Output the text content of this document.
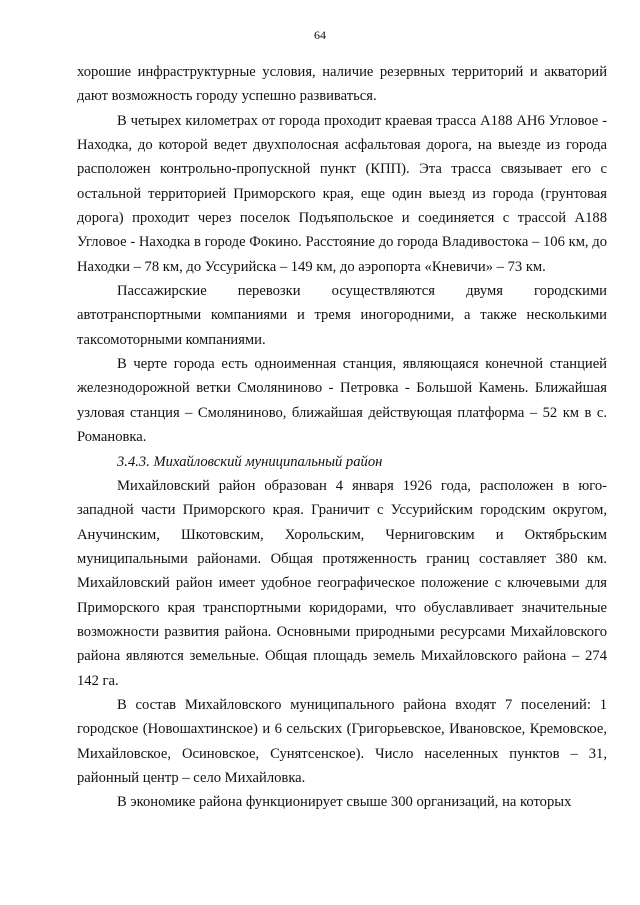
64

хорошие инфраструктурные условия, наличие резервных территорий и акваторий дают возможность городу успешно развиваться.

В четырех километрах от города проходит краевая трасса А188 АН6 Угловое - Находка, до которой ведет двухполосная асфальтовая дорога, на выезде из города расположен контрольно-пропускной пункт (КПП). Эта трасса связывает его с остальной территорией Приморского края, еще один выезд из города (грунтовая дорога) проходит через поселок Подъяпольское и соединяется с трассой А188 Угловое - Находка в городе Фокино. Расстояние до города Владивостока – 106 км, до Находки – 78 км, до Уссурийска – 149 км, до аэропорта «Кневичи» – 73 км.

Пассажирские перевозки осуществляются двумя городскими автотранспортными компаниями и тремя иногородними, а также несколькими таксомоторными компаниями.

В черте города есть одноименная станция, являющаяся конечной станцией железнодорожной ветки Смоляниново - Петровка - Большой Камень. Ближайшая узловая станция – Смоляниново, ближайшая действующая платформа – 52 км в с. Романовка.

3.4.3. Михайловский муниципальный район

Михайловский район образован 4 января 1926 года, расположен в юго-западной части Приморского края. Граничит с Уссурийским городским округом, Анучинским, Шкотовским, Хорольским, Черниговским и Октябрьским муниципальными районами. Общая протяженность границ составляет 380 км. Михайловский район имеет удобное географическое положение с ключевыми для Приморского края транспортными коридорами, что обуславливает значительные возможности развития района. Основными природными ресурсами Михайловского района являются земельные. Общая площадь земель Михайловского района – 274 142 га.

В состав Михайловского муниципального района входят 7 поселений: 1 городское (Новошахтинское) и 6 сельских (Григорьевское, Ивановское, Кремовское, Михайловское, Осиновское, Сунятсенское). Число населенных пунктов – 31, районный центр – село Михайловка.

В экономике района функционирует свыше 300 организаций, на которых
